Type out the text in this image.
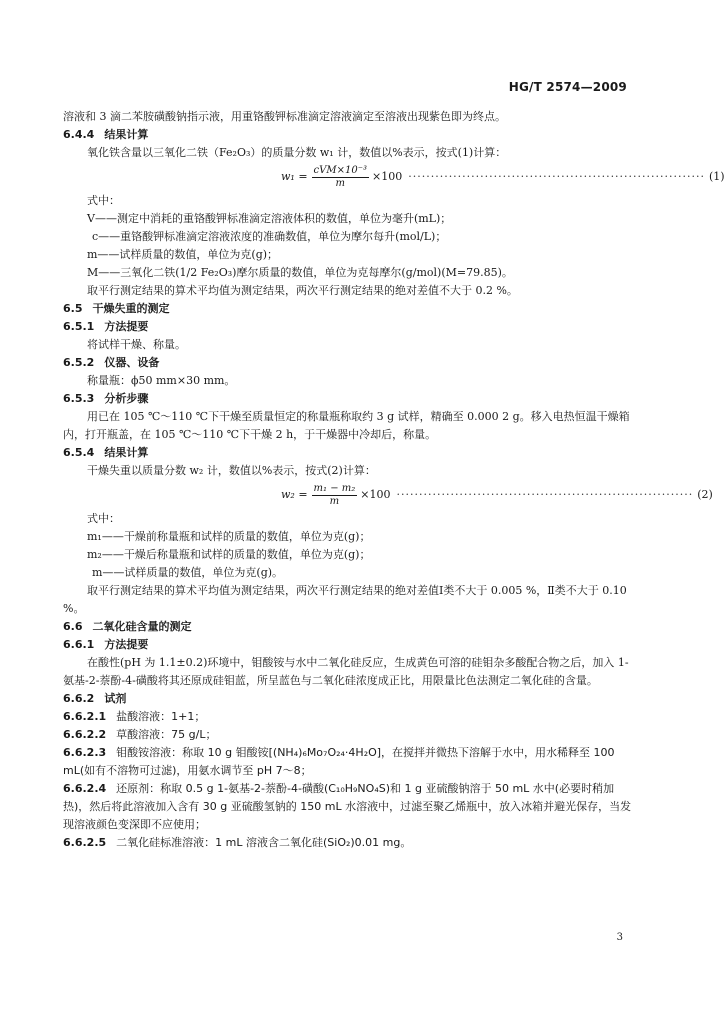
HG/T 2574—2009
溶液和 3 滴二苯胺磺酸钠指示液，用重铬酸钾标准滴定溶液滴定至溶液出现紫色即为终点。
6.4.4 结果计算
氧化铁含量以三氧化二铁（Fe₂O₃）的质量分数 w₁ 计，数值以%表示，按式(1)计算：
$w_1 = \frac{\text{cVM×10⁻³}}{m} \times 100$ ·································································· (1)
式中：
V——测定中消耗的重铬酸钾标准滴定溶液体积的数值，单位为毫升(mL)；
c——重铬酸钾标准滴定溶液浓度的准确数值，单位为摩尔每升(mol/L)；
m——试样质量的数值，单位为克(g)；
M——三氧化二铁(1/2 Fe₂O₃)摩尔质量的数值，单位为克每摩尔(g/mol)(M=79.85)。
取平行测定结果的算术平均值为测定结果，两次平行测定结果的绝对差值不大于 0.2 %。
6.5 干燥失重的测定
6.5.1 方法提要
将试样干燥、称量。
6.5.2 仪器、设备
称量瓶：ϕ50 mm×30 mm。
6.5.3 分析步骤
用已在 105 ℃～110 ℃下干燥至质量恒定的称量瓶称取约 3 g 试样，精确至 0.000 2 g。移入电热恒温干燥箱内，打开瓶盖，在 105 ℃～110 ℃下干燥 2 h，于干燥器中冷却后，称量。
6.5.4 结果计算
干燥失重以质量分数 w₂ 计，数值以%表示，按式(2)计算：
$w_2 = \frac{\text{m₁ − m₂}}{m} \times 100$ ·································································· (2)
式中：
m₁——干燥前称量瓶和试样的质量的数值，单位为克(g)；
m₂——干燥后称量瓶和试样的质量的数值，单位为克(g)；
m——试样质量的数值，单位为克(g)。
取平行测定结果的算术平均值为测定结果，两次平行测定结果的绝对差值Ⅰ类不大于 0.005 %，Ⅱ类不大于 0.10 %。
6.6 二氧化硅含量的测定
6.6.1 方法提要
在酸性(pH 为 1.1±0.2)环境中，钼酸铵与水中二氧化硅反应，生成黄色可溶的硅钼杂多酸配合物之后，加入 1-氨基-2-萘酚-4-磺酸将其还原成硅钼蓝，所呈蓝色与二氧化硅浓度成正比，用限量比色法测定二氧化硅的含量。
6.6.2 试剂
6.6.2.1 盐酸溶液：1+1；
6.6.2.2 草酸溶液：75 g/L；
6.6.2.3 钼酸铵溶液：称取 10 g 钼酸铵[(NH₄)₆Mo₇O₂₄·4H₂O]，在搅拌并微热下溶解于水中，用水稀释至 100 mL(如有不溶物可过滤)，用氨水调节至 pH 7～8；
6.6.2.4 还原剂：称取 0.5 g 1-氨基-2-萘酚-4-磺酸(C₁₀H₉NO₄S)和 1 g 亚硫酸钠溶于 50 mL 水中(必要时稍加热)，然后将此溶液加入含有 30 g 亚硫酸氢钠的 150 mL 水溶液中，过滤至聚乙烯瓶中，放入冰箱并避光保存，当发现溶液颜色变深即不应使用；
6.6.2.5 二氧化硅标准溶液：1 mL 溶液含二氧化硅(SiO₂)0.01 mg。
3
